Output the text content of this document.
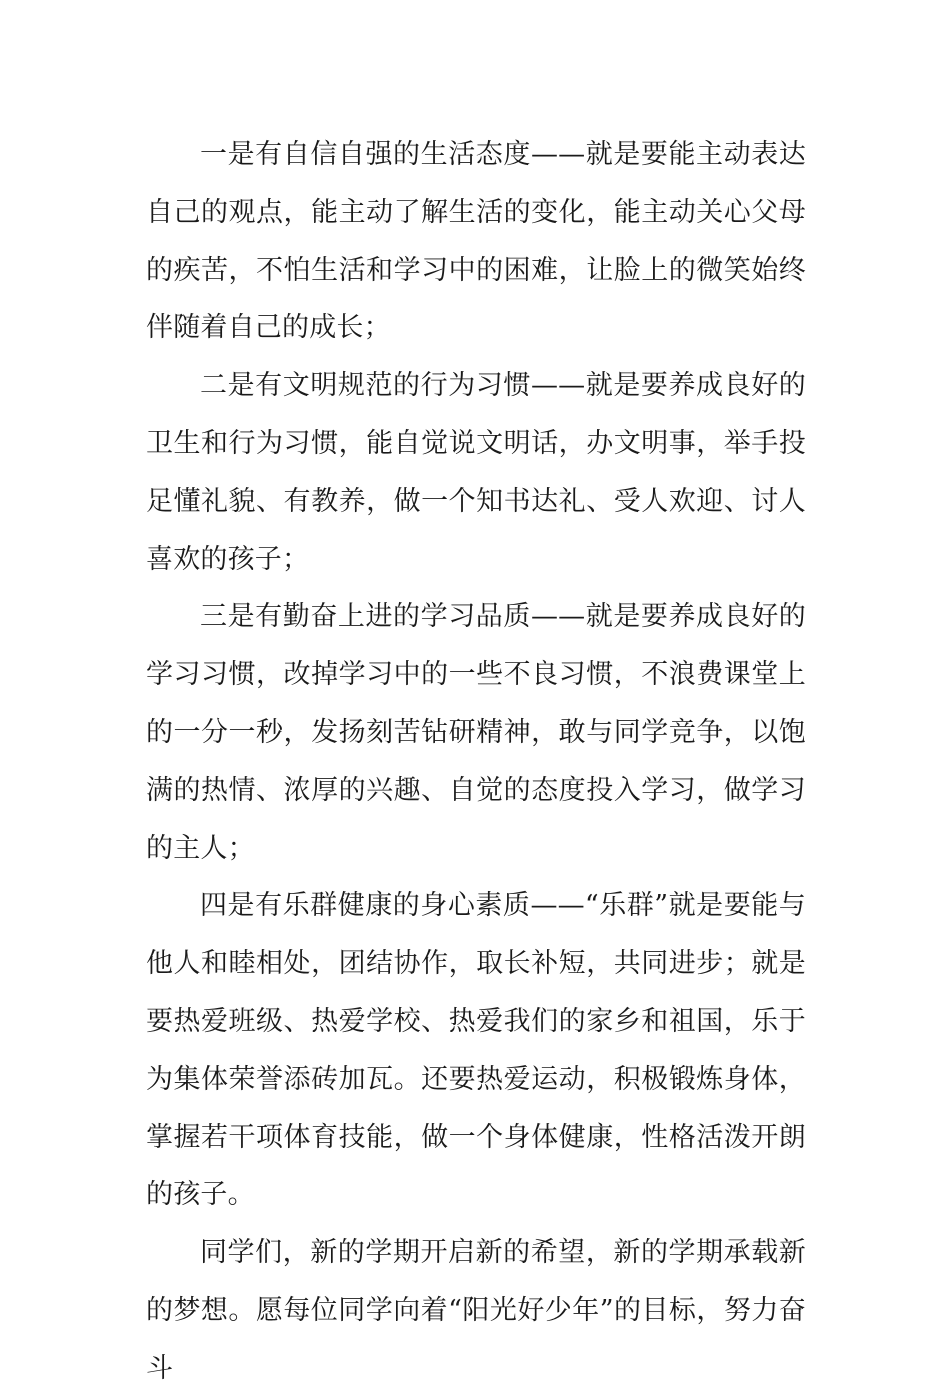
一是有自信自强的生活态度——就是要能主动表达自己的观点，能主动了解生活的变化，能主动关心父母的疾苦，不怕生活和学习中的困难，让脸上的微笑始终伴随着自己的成长；

二是有文明规范的行为习惯——就是要养成良好的卫生和行为习惯，能自觉说文明话，办文明事，举手投足懂礼貌、有教养，做一个知书达礼、受人欢迎、讨人喜欢的孩子；

三是有勤奋上进的学习品质——就是要养成良好的学习习惯，改掉学习中的一些不良习惯，不浪费课堂上的一分一秒，发扬刻苦钻研精神，敢与同学竞争，以饱满的热情、浓厚的兴趣、自觉的态度投入学习，做学习的主人；

四是有乐群健康的身心素质——“乐群”就是要能与他人和睦相处，团结协作，取长补短，共同进步；就是要热爱班级、热爱学校、热爱我们的家乡和祖国，乐于为集体荣誉添砖加瓦。还要热爱运动，积极锻炼身体，掌握若干项体育技能，做一个身体健康，性格活泼开朗的孩子。

同学们，新的学期开启新的希望，新的学期承载新的梦想。愿每位同学向着“阳光好少年”的目标，努力奋斗
